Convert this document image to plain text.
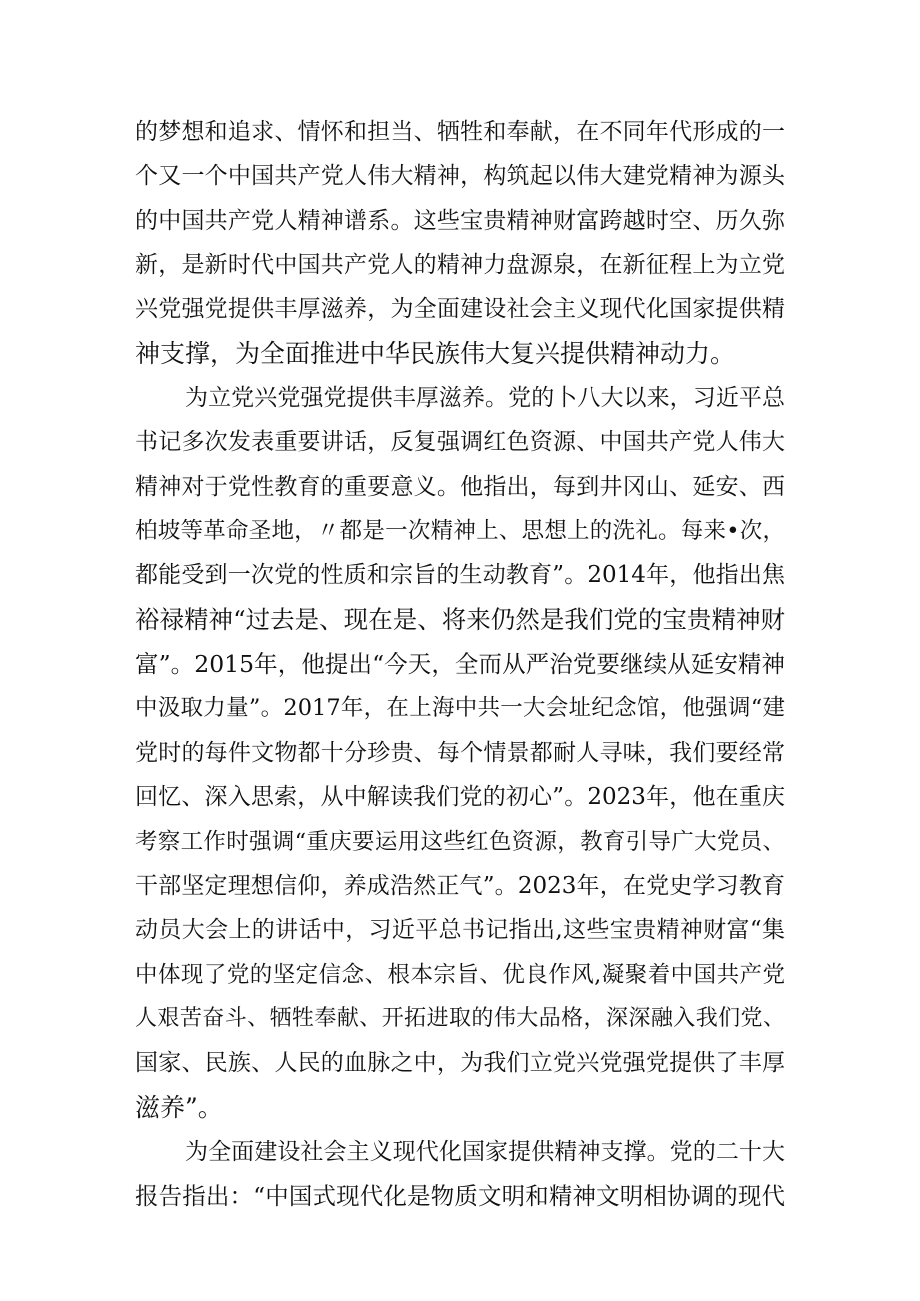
的梦想和追求、情怀和担当、牺牲和奉献，在不同年代形成的一
个又一个中国共产党人伟大精神，构筑起以伟大建党精神为源头
的中国共产党人精神谱系。这些宝贵精神财富跨越时空、历久弥
新，是新时代中国共产党人的精神力盘源泉，在新征程上为立党
兴党强党提供丰厚滋养，为全面建设社会主义现代化国家提供精
神支撑，为全面推进中华民族伟大复兴提供精神动力。
为立党兴党强党提供丰厚滋养。党的卜八大以来，习近平总
书记多次发表重要讲话，反复强调红色资源、中国共产党人伟大
精神对于党性教育的重要意义。他指出，每到井冈山、延安、西
柏坡等革命圣地，〃都是一次精神上、思想上的洗礼。每来•次，
都能受到一次党的性质和宗旨的生动教育”。2014年，他指出焦
裕禄精神“过去是、现在是、将来仍然是我们党的宝贵精神财
富”。2015年，他提出“今天，全而从严治党要继续从延安精神
中汲取力量”。2017年，在上海中共一大会址纪念馆，他强调“建
党时的每件文物都十分珍贵、每个情景都耐人寻味，我们要经常
回忆、深入思索，从中解读我们党的初心”。2023年，他在重庆
考察工作时强调“重庆要运用这些红色资源，教育引导广大党员、
干部坚定理想信仰，养成浩然正气”。2023年，在党史学习教育
动员大会上的讲话中，习近平总书记指出,这些宝贵精神财富“集
中体现了党的坚定信念、根本宗旨、优良作风,凝聚着中国共产党
人艰苦奋斗、牺牲奉献、开拓进取的伟大品格，深深融入我们党、
国家、民族、人民的血脉之中，为我们立党兴党强党提供了丰厚
滋养”。
为全面建设社会主义现代化国家提供精神支撑。党的二十大
报告指出：“中国式现代化是物质文明和精神文明相协调的现代
